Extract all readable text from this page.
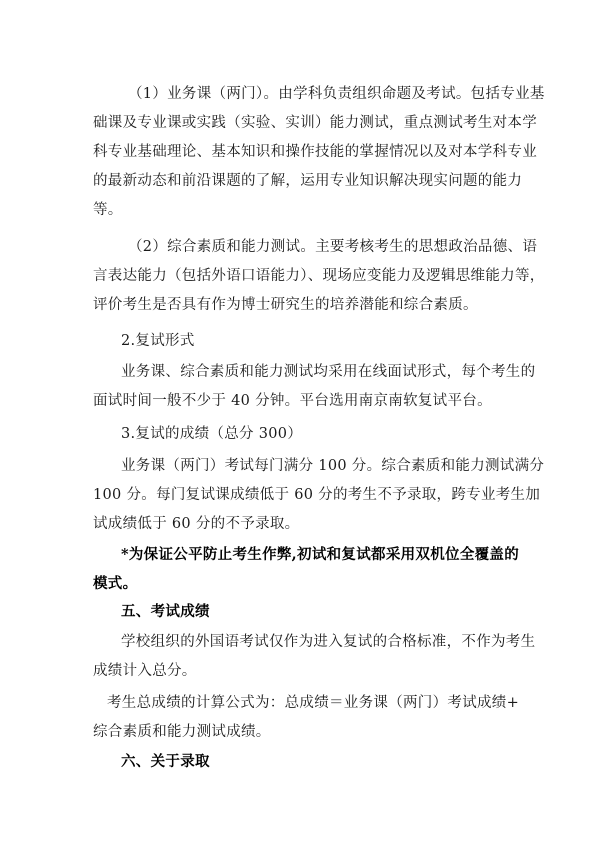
（1）业务课（两门）。由学科负责组织命题及考试。包括专业基
础课及专业课或实践（实验、实训）能力测试，重点测试考生对本学
科专业基础理论、基本知识和操作技能的掌握情况以及对本学科专业
的最新动态和前沿课题的了解，运用专业知识解决现实问题的能力
等。
（2）综合素质和能力测试。主要考核考生的思想政治品德、语
言表达能力（包括外语口语能力）、现场应变能力及逻辑思维能力等，
评价考生是否具有作为博士研究生的培养潜能和综合素质。
2.复试形式
业务课、综合素质和能力测试均采用在线面试形式，每个考生的
面试时间一般不少于 40 分钟。平台选用南京南软复试平台。
3.复试的成绩（总分 300）
业务课（两门）考试每门满分 100 分。综合素质和能力测试满分
100 分。每门复试课成绩低于 60 分的考生不予录取，跨专业考生加
试成绩低于 60 分的不予录取。
*为保证公平防止考生作弊,初试和复试都采用双机位全覆盖的
模式。
五、考试成绩
学校组织的外国语考试仅作为进入复试的合格标准，不作为考生
成绩计入总分。
考生总成绩的计算公式为：总成绩＝业务课（两门）考试成绩+
综合素质和能力测试成绩。
六、关于录取
